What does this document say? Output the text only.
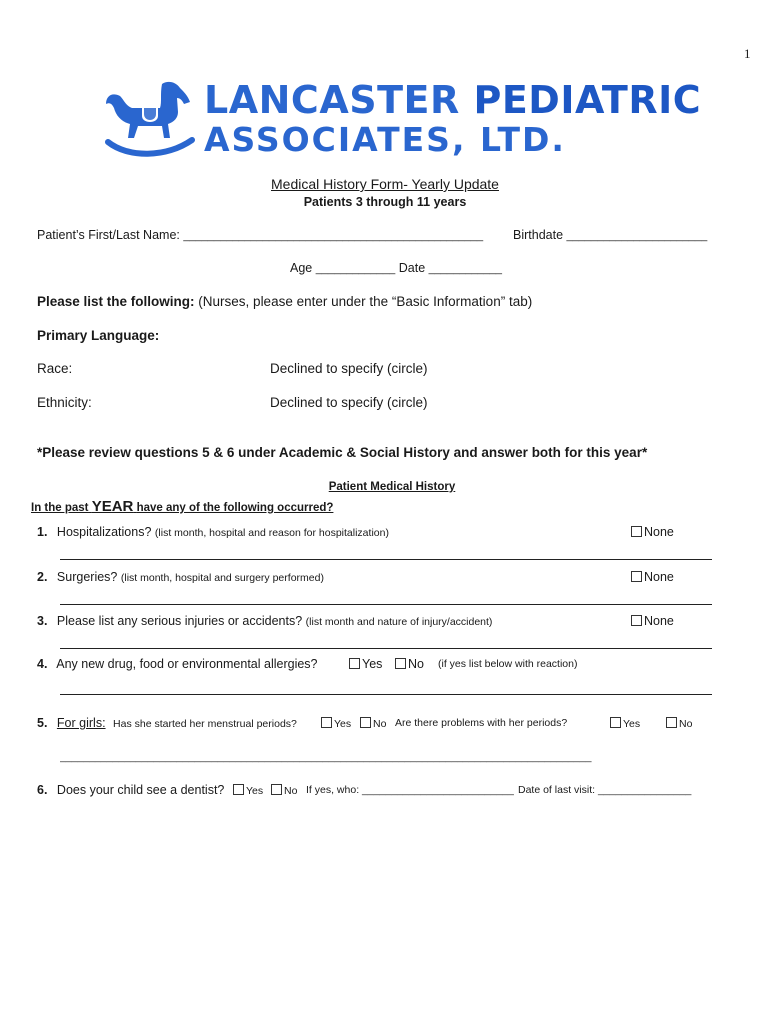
1
LANCASTER PEDIATRIC
ASSOCIATES, LTD.
Medical History Form- Yearly Update
Patients 3 through 11 years
Patient’s First/Last Name: _________________________________________________ Birthdate _______________________
Age _____________ Date ____________
Please list the following: (Nurses, please enter under the “Basic Information” tab)
Primary Language:
Race:	Declined to specify (circle)
Ethnicity:	Declined to specify (circle)
*Please review questions 5 & 6 under Academic & Social History and answer both for this year*
Patient Medical History
In the past YEAR have any of the following occurred?
1. Hospitalizations? (list month, hospital and reason for hospitalization)	None
2. Surgeries? (list month, hospital and surgery performed)	None
3. Please list any serious injuries or accidents? (list month and nature of injury/accident)	None
4. Any new drug, food or environmental allergies?	Yes	No (if yes list below with reaction)
5. For girls: Has she started her menstrual periods?	Yes	No Are there problems with her periods?	Yes	No
___________________________________________________________________________________________
6. Does your child see a dentist?	Yes	No If yes, who: __________________________ Date of last visit: ________________
